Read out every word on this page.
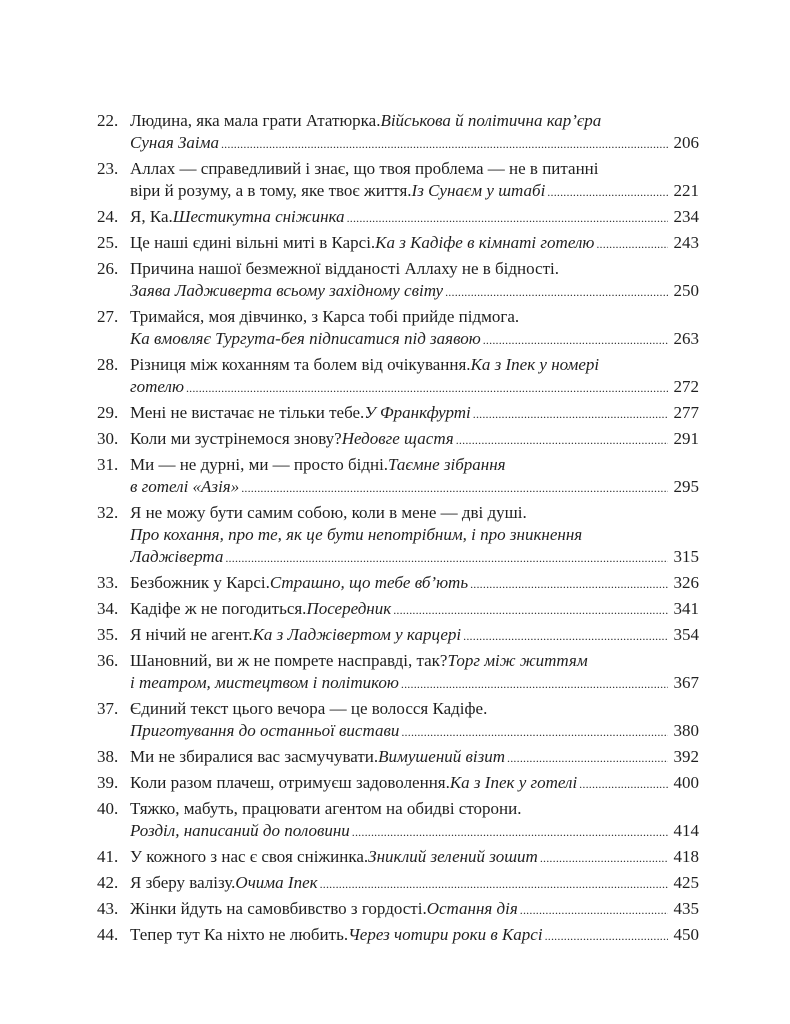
22. Людина, яка мала грати Ататюрка. Військова й політична кар’єра
Суная Заіма .....	206
23. Аллах — справедливий і знає, що твоя проблема — не в питанні
віри й розуму, а в тому, яке твоє життя. Із Сунаєм у штабі .....	221
24. Я, Ка. Шестикутна сніжинка .....	234
25. Це наші єдині вільні миті в Карсі. Ка з Кадіфе в кімнаті готелю .....	243
26. Причина нашої безмежної відданості Аллаху не в бідності.
Заява Ладживерта всьому західному світу .....	250
27. Тримайся, моя дівчинко, з Карса тобі прийде підмога.
Ка вмовляє Тургута-бея підписатися під заявою .....	263
28. Різниця між коханням та болем від очікування. Ка з Іпек у номері
готелю .....	272
29. Мені не вистачає не тільки тебе. У Франкфурті .....	277
30. Коли ми зустрінемося знову? Недовге щастя .....	291
31. Ми — не дурні, ми — просто бідні. Таємне зібрання
в готелі «Азія» .....	295
32. Я не можу бути самим собою, коли в мене — дві душі.
Про кохання, про те, як це бути непотрібним, і про зникнення
Ладжіверта .....	315
33. Безбожник у Карсі. Страшно, що тебе вб’ють .....	326
34. Кадіфе ж не погодиться. Посередник .....	341
35. Я нічий не агент. Ка з Ладжівертом у карцері .....	354
36. Шановний, ви ж не помрете насправді, так? Торг між життям
і театром, мистецтвом і політикою .....	367
37. Єдиний текст цього вечора — це волосся Кадіфе.
Приготування до останньої вистави .....	380
38. Ми не збиралися вас засмучувати. Вимушений візит .....	392
39. Коли разом плачеш, отримуєш задоволення. Ка з Іпек у готелі .....	400
40. Тяжко, мабуть, працювати агентом на обидві сторони.
Розділ, написаний до половини .....	414
41. У кожного з нас є своя сніжинка. Зниклий зелений зошит .....	418
42. Я зберу валізу. Очима Іпек .....	425
43. Жінки йдуть на самовбивство з гордості. Остання дія .....	435
44. Тепер тут Ка ніхто не любить. Через чотири роки в Карсі .....	450
